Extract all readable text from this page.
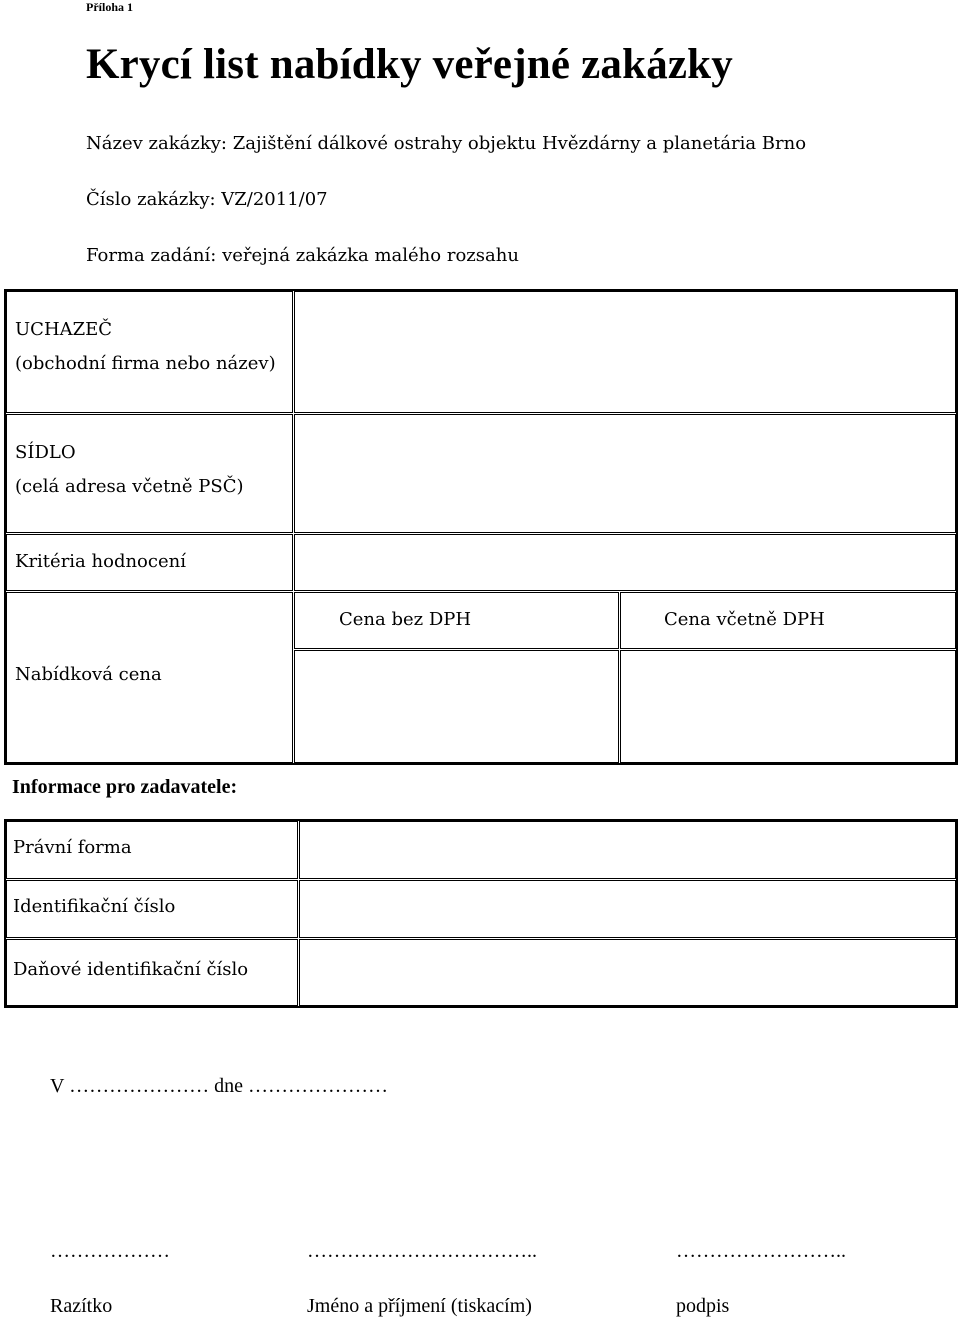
Příloha 1
Krycí list nabídky veřejné zakázky
Název zakázky: Zajištění dálkové ostrahy objektu Hvězdárny a planetária Brno
Číslo zakázky: VZ/2011/07
Forma zadání: veřejná zakázka malého rozsahu
UCHAZEČ
(obchodní firma nebo název)
SÍDLO
(celá adresa včetně PSČ)
Kritéria hodnocení
Nabídková cena
Cena bez DPH	Cena včetně DPH
Informace pro zadavatele:
Právní forma
Identifikační číslo
Daňové identifikační číslo
V ………………… dne …………………
………………	……………………………..	……………………..
Razítko	Jméno a příjmení (tiskacím)	podpis
